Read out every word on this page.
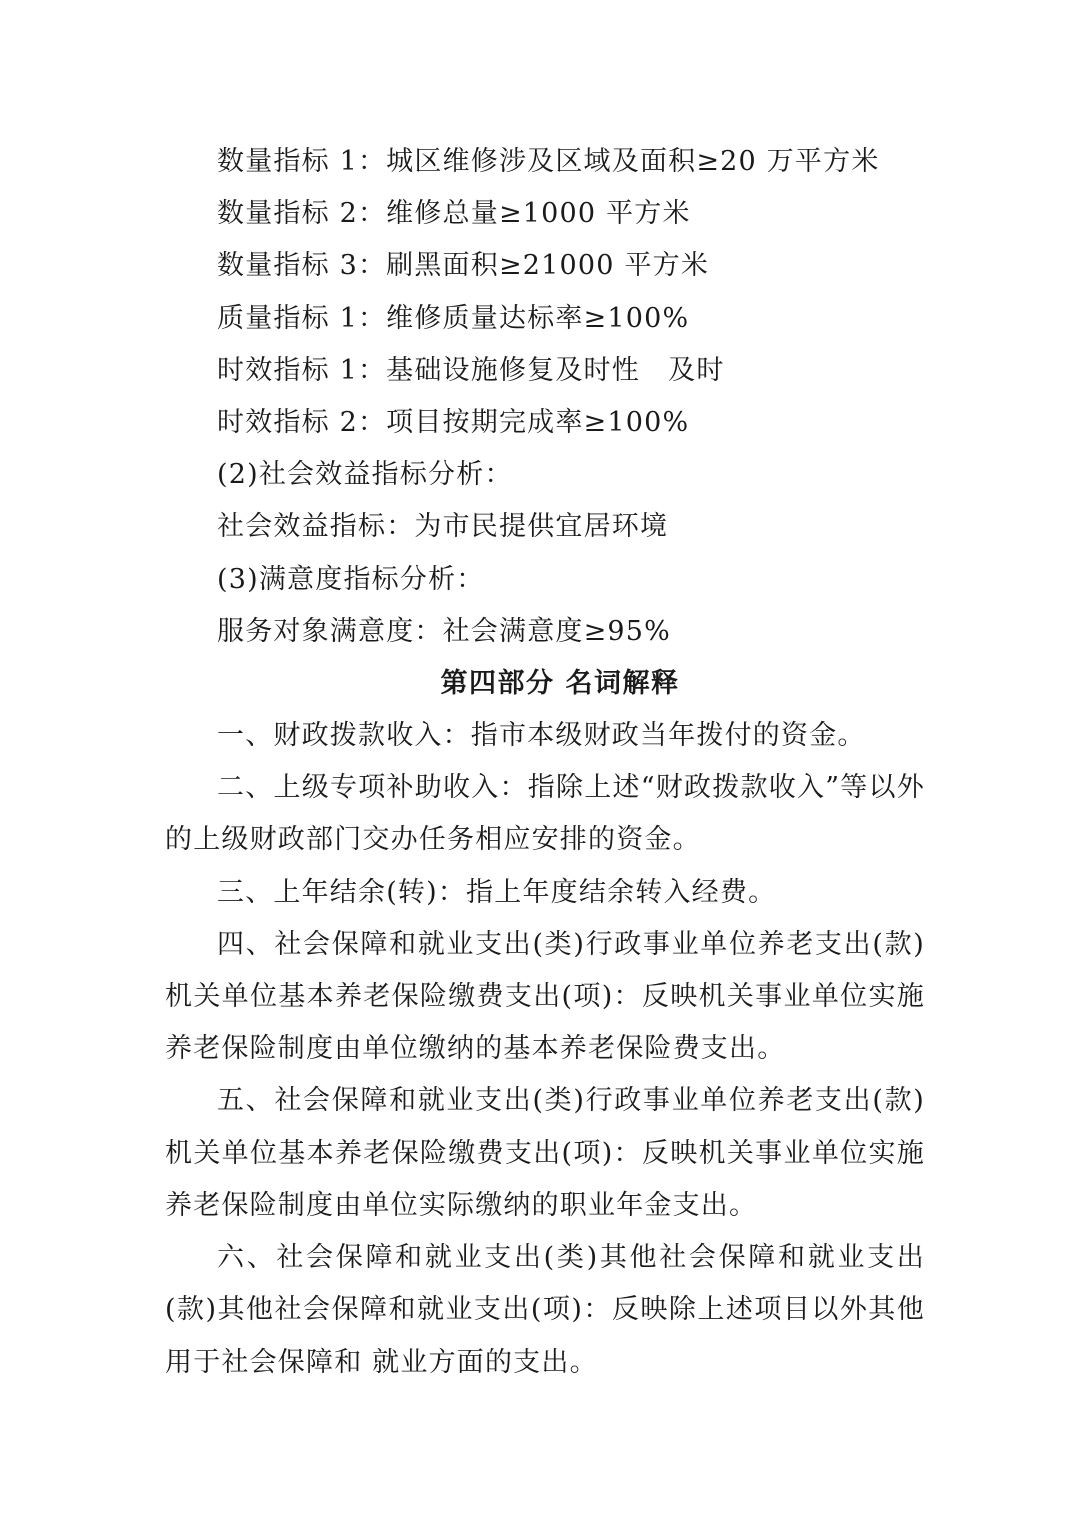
数量指标 1：城区维修涉及区域及面积≥20 万平方米
数量指标 2：维修总量≥1000 平方米
数量指标 3：刷黑面积≥21000 平方米
质量指标 1：维修质量达标率≥100%
时效指标 1：基础设施修复及时性　及时
时效指标 2：项目按期完成率≥100%
(2)社会效益指标分析：
社会效益指标：为市民提供宜居环境
(3)满意度指标分析：
服务对象满意度：社会满意度≥95%
第四部分 名词解释
一、财政拨款收入：指市本级财政当年拨付的资金。
二、上级专项补助收入：指除上述“财政拨款收入”等以外的上级财政部门交办任务相应安排的资金。
三、上年结余(转)：指上年度结余转入经费。
四、社会保障和就业支出(类)行政事业单位养老支出(款)机关单位基本养老保险缴费支出(项)：反映机关事业单位实施养老保险制度由单位缴纳的基本养老保险费支出。
五、社会保障和就业支出(类)行政事业单位养老支出(款)机关单位基本养老保险缴费支出(项)：反映机关事业单位实施养老保险制度由单位实际缴纳的职业年金支出。
六、社会保障和就业支出(类)其他社会保障和就业支出(款)其他社会保障和就业支出(项)：反映除上述项目以外其他用于社会保障和 就业方面的支出。
